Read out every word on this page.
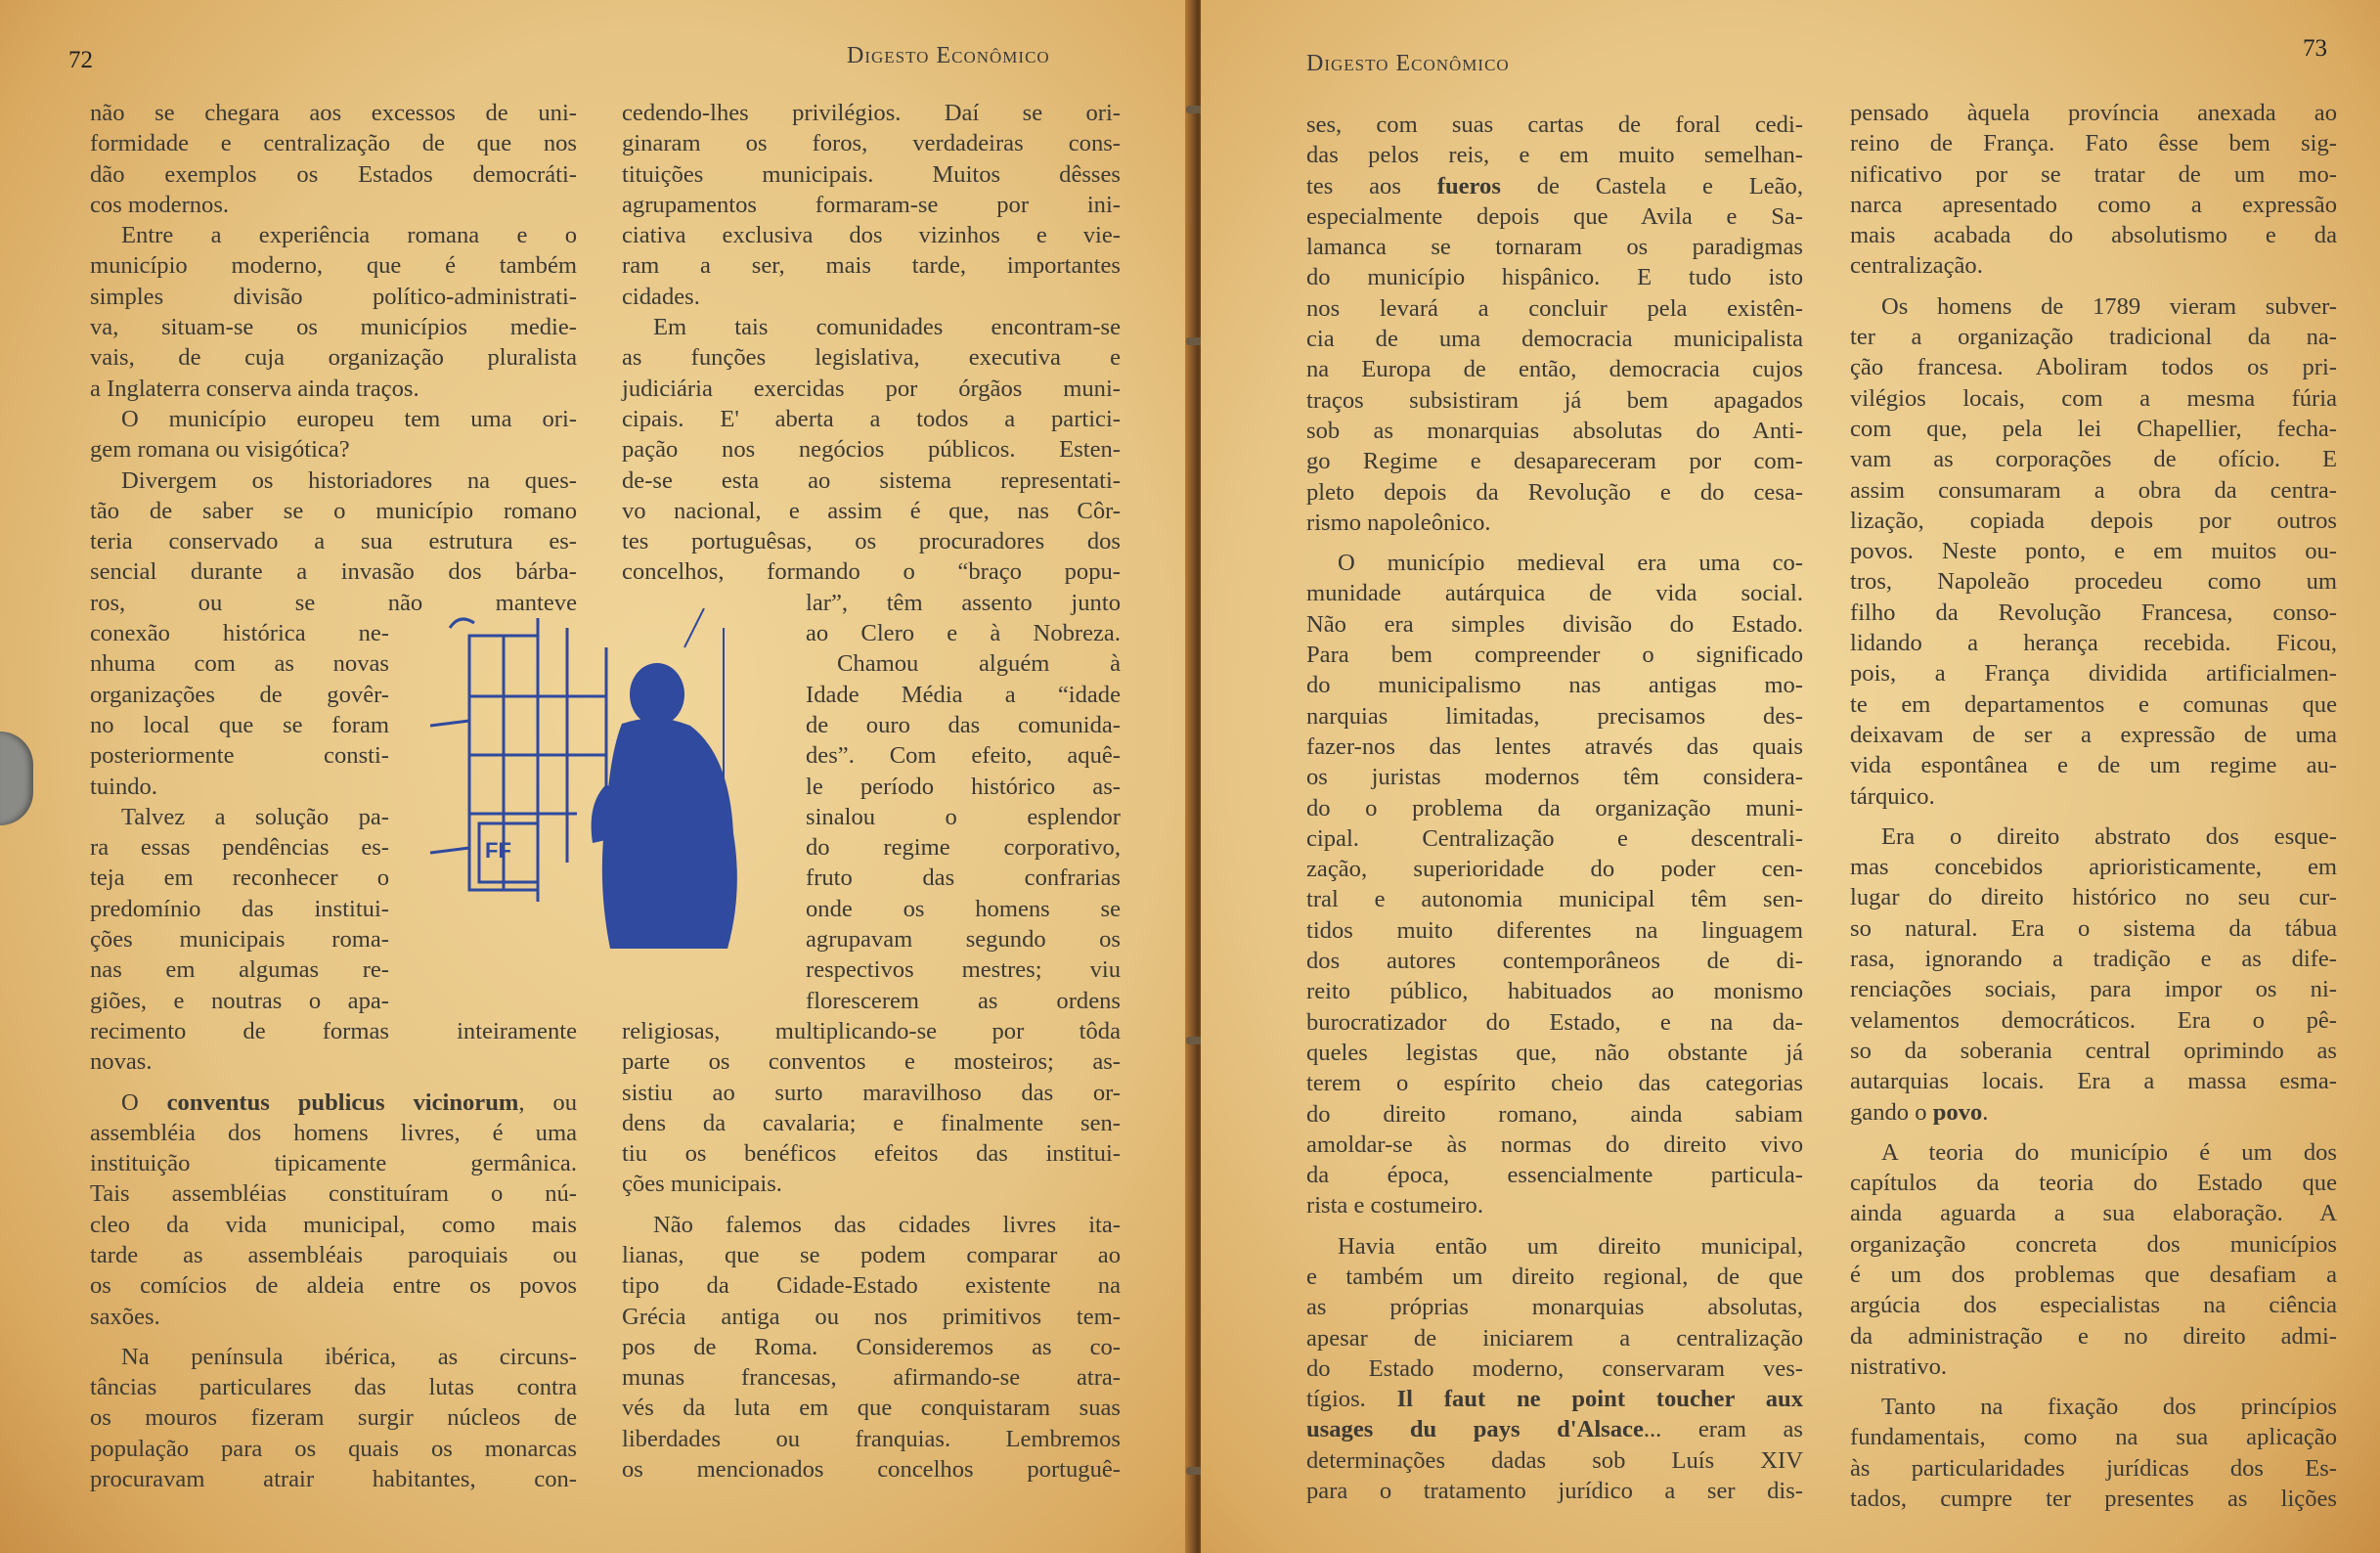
72	Digesto Econômico

não se chegara aos excessos de uni-

formidade e centralização de que nos

dão exemplos os Estados democráti-

cos modernos.

Entre a experiência romana e o

município moderno, que é também

simples divisão político-administrati-

va, situam-se os municípios medie-

vais, de cuja organização pluralista

a Inglaterra conserva ainda traços.

O município europeu tem uma ori-

gem romana ou visigótica?

Divergem os historiadores na ques-

tão de saber se o município romano

teria conservado a sua estrutura es-

sencial durante a invasão dos bárba-

ros, ou se não manteve

conexão histórica ne-

nhuma com as novas

organizações de govêr-

no local que se foram

posteriormente consti-

tuindo.

Talvez a solução pa-

ra essas pendências es-

teja em reconhecer o

predomínio das institui-

ções municipais roma-

nas em algumas re-

giões, e noutras o apa-

recimento de formas	inteiramente

novas.

O conventus publicus vicinorum, ou

assembléia dos homens livres, é uma

instituição tipicamente germânica.

Tais assembléias constituíram o nú-

cleo da vida municipal, como mais

tarde as assembléais paroquiais ou

os comícios de aldeia entre os povos

saxões.

Na península ibérica, as circuns-

tâncias particulares das lutas contra

os mouros fizeram surgir núcleos de

população para os quais os monarcas

procuravam atrair habitantes, con-

FF

cedendo-lhes privilégios. Daí se ori-

ginaram os foros, verdadeiras cons-

tituições municipais. Muitos dêsses

agrupamentos formaram-se por ini-

ciativa exclusiva dos vizinhos e vie-

ram a ser, mais tarde, importantes

cidades.

Em tais comunidades encontram-se

as funções legislativa, executiva e

judiciária exercidas por órgãos muni-

cipais. E' aberta a todos a partici-

pação nos negócios públicos. Esten-

de-se esta ao sistema representati-

vo nacional, e assim é que, nas Côr-

tes portuguêsas, os procuradores dos

concelhos, formando o “braço popu-

lar”, têm assento junto

ao Clero e à Nobreza.

Chamou alguém à

Idade Média a “idade

de ouro das comunida-

des”. Com efeito, aquê-

le período histórico as-

sinalou o esplendor

do regime corporativo,

fruto das confrarias

onde os homens se

agrupavam segundo os

respectivos mestres; viu

florescerem as ordens

religiosas, multiplicando-se por tôda

parte os conventos e mosteiros; as-

sistiu ao surto maravilhoso das or-

dens da cavalaria; e finalmente sen-

tiu os benéficos efeitos das institui-

ções municipais.

Não falemos das cidades livres ita-

lianas, que se podem comparar ao

tipo da Cidade-Estado existente na

Grécia antiga ou nos primitivos tem-

pos de Roma. Consideremos as co-

munas francesas, afirmando-se atra-

vés da luta em que conquistaram suas

liberdades ou franquias. Lembremos

os mencionados concelhos portuguê-

Digesto Econômico
73

ses, com suas cartas de foral cedi-

das pelos reis, e em muito semelhan-

tes aos fueros de Castela e Leão,

especialmente depois que Avila e Sa-

lamanca se tornaram os paradigmas

do município hispânico. E tudo isto

nos levará a concluir pela existên-

cia de uma democracia municipalista

na Europa de então, democracia cujos

traços subsistiram já bem apagados

sob as monarquias absolutas do Anti-

go Regime e desapareceram por com-

pleto depois da Revolução e do cesa-

rismo napoleônico.

O município medieval era uma co-

munidade autárquica de vida social.

Não era simples divisão do Estado.

Para bem compreender o significado

do municipalismo nas antigas mo-

narquias limitadas, precisamos des-

fazer-nos das lentes através das quais

os juristas modernos têm considera-

do o problema da organização muni-

cipal. Centralização e descentrali-

zação, superioridade do poder cen-

tral e autonomia municipal têm sen-

tidos muito diferentes na linguagem

dos autores contemporâneos de di-

reito público, habituados ao monismo

burocratizador do Estado, e na da-

queles legistas que, não obstante já

terem o espírito cheio das categorias

do direito romano, ainda sabiam

amoldar-se às normas do direito vivo

da época, essencialmente particula-

rista e costumeiro.

Havia então um direito municipal,

e também um direito regional, de que

as próprias monarquias absolutas,

apesar de iniciarem a centralização

do Estado moderno, conservaram ves-

tígios. Il faut ne point toucher aux

usages du pays d'Alsace... eram as

determinações dadas sob Luís XIV

para o tratamento jurídico a ser dis-

pensado àquela província anexada ao

reino de França. Fato êsse bem sig-

nificativo por se tratar de um mo-

narca apresentado como a expressão

mais acabada do absolutismo e da

centralização.

Os homens de 1789 vieram subver-

ter a organização tradicional da na-

ção francesa. Aboliram todos os pri-

vilégios locais, com a mesma fúria

com que, pela lei Chapellier, fecha-

vam as corporações de ofício. E

assim consumaram a obra da centra-

lização, copiada depois por outros

povos. Neste ponto, e em muitos ou-

tros, Napoleão procedeu como um

filho da Revolução Francesa, conso-

lidando a herança recebida. Ficou,

pois, a França dividida artificialmen-

te em departamentos e comunas que

deixavam de ser a expressão de uma

vida espontânea e de um regime au-

tárquico.

Era o direito abstrato dos esque-

mas concebidos aprioristicamente, em

lugar do direito histórico no seu cur-

so natural. Era o sistema da tábua

rasa, ignorando a tradição e as dife-

renciações sociais, para impor os ni-

velamentos democráticos. Era o pê-

so da soberania central oprimindo as

autarquias locais. Era a massa esma-

gando o povo.

A teoria do município é um dos

capítulos da teoria do Estado que

ainda aguarda a sua elaboração. A

organização concreta dos municípios

é um dos problemas que desafiam a

argúcia dos especialistas na ciência

da administração e no direito admi-

nistrativo.

Tanto na fixação dos princípios

fundamentais, como na sua aplicação

às particularidades jurídicas dos Es-

tados, cumpre ter presentes as lições
